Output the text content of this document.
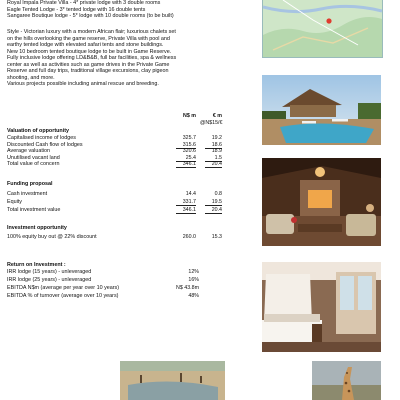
Royal Impala Private Villa - 4* private lodge with 3 double rooms
Eagle Tented Lodge - 3* tented lodge with 16 double tents
Sangaree Boutique lodge - 5* lodge with 10 double rooms (to be built)
Style - Victorian luxury with a modern African flair; luxurious chalets set
on the hills overlooking the game reserve, Private Villa with pool and
earthy tented lodge with elevated safari tents and stone buildings.
New 10 bedroom tented boutique lodge to be built in Game Reserve.
Fully inclusive lodge offering LD&B&B, full bar facilities, spa & wellness
center as well as activities such as game drives in the Private Game
Reserve and full day trips, traditional village excursions, clay pigeon
shooting, and more.
Various projects possible including animal rescue and breeding.
N$ m	€ m
@N$15/€
Valuation of opportunity
Capitalised income of lodges	325.7	19.2
Discounted Cash flow of lodges	315.6	18.6
Average valuation	320.6	18.9
Unutilised vacant land	25.4	1.5
Total value of concern	346.1	20.4
Funding proposal
Cash investment	14.4	0.8
Equity	331.7	19.5
Total investment value	346.1	20.4
Investment opportunity
100% equity buy out @ 22% discount	260.0	15.3
Return on Investment :
IRR lodge (15 years) - unleveraged	12%
IRR lodge (25 years) - unleveraged	16%
EBITDA N$m (average per year over 10 years)	N$ 43.8m
EBITDA % of turnover (average over 10 years)	48%
